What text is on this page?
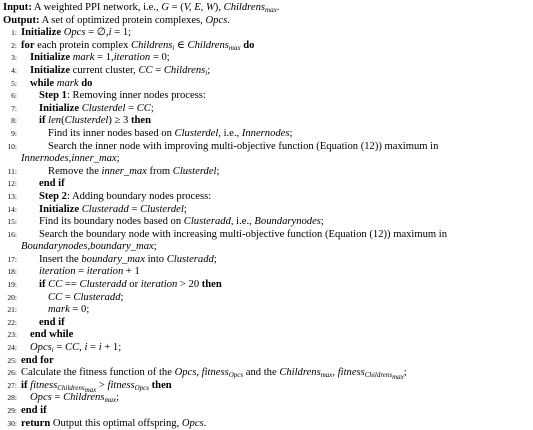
Input: A weighted PPI network, i.e., G = (V, E, W), Childrens$_{max}$.
Output: A set of optimized protein complexes, Opcs.
1: Initialize Opcs = ∅,i = 1;
2: for each protein complex Childrens$_i$ ∈ Childrens$_{max}$ do
3:	Initialize mark = 1,iteration = 0;
4:	Initialize current cluster, CC = Childrens$_i$;
5:	while mark do
6:	Step 1: Removing inner nodes process:
7:	Initialize Clusterdel = CC;
8:	if len(Clusterdel) ≥ 3 then
9:	Find its inner nodes based on Clusterdel, i.e., Innernodes;
10:	Search the inner node with improving multi-objective function (Equation (12)) maximum in
Innernodes,inner_max;
11:	Remove the inner_max from Clusterdel;
12:	end if
13:	Step 2: Adding boundary nodes process:
14:	Initialize Clusteradd = Clusterdel;
15:	Find its boundary nodes based on Clusteradd, i.e., Boundarynodes;
16:	Search the boundary node with increasing multi-objective function (Equation (12)) maximum in
Boundarynodes,boundary_max;
17:	Insert the boundary_max into Clusteradd;
18:	iteration = iteration + 1
19:	if CC == Clusteradd or iteration > 20 then
20:	CC = Clusteradd;
21:	mark = 0;
22:	end if
23:	end while
24:	Opcs$_i$ = CC, i = i + 1;
25: end for
26: Calculate the fitness function of the Opcs, fitness$_{Opcs}$ and the Childrens$_{max}$, fitness$_{Childrens_{max}}$;
27: if fitness$_{Childrens_{max}}$ > fitness$_{Opcs}$ then
28:	Opcs = Childrens$_{max}$;
29: end if
30: return Output this optimal offspring, Opcs.
